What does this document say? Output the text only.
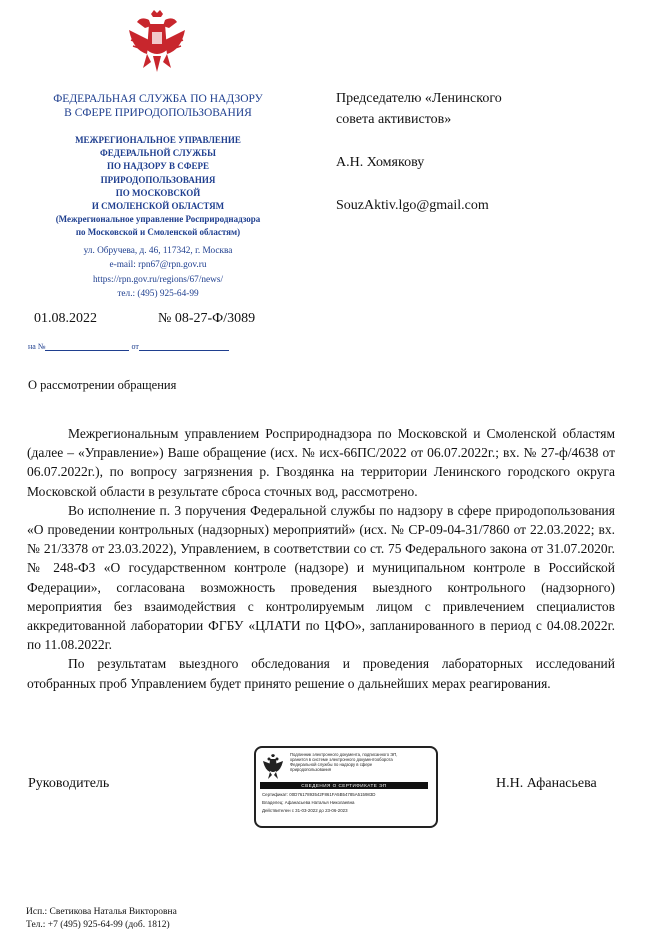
ФЕДЕРАЛЬНАЯ СЛУЖБА ПО НАДЗОРУ
В СФЕРЕ ПРИРОДОПОЛЬЗОВАНИЯ
МЕЖРЕГИОНАЛЬНОЕ УПРАВЛЕНИЕ
ФЕДЕРАЛЬНОЙ СЛУЖБЫ
ПО НАДЗОРУ В СФЕРЕ
ПРИРОДОПОЛЬЗОВАНИЯ
ПО МОСКОВСКОЙ
И СМОЛЕНСКОЙ ОБЛАСТЯМ
(Межрегиональное управление Росприроднадзора
по Московской и Смоленской областям)
ул. Обручева, д. 46, 117342, г. Москва
e-mail: rpn67@rpn.gov.ru
https://rpn.gov.ru/regions/67/news/
тел.: (495) 925-64-99
Председателю «Ленинского
совета активистов»
А.Н. Хомякову
SouzAktiv.lgo@gmail.com
01.08.2022	№ 08-27-Ф/3089
на №	от
О рассмотрении обращения

Межрегиональным управлением Росприроднадзора по Московской и Смоленской областям (далее – «Управление») Ваше обращение (исх. № исх-66ПС/2022 от 06.07.2022г.; вх. № 27-ф/4638 от 06.07.2022г.), по вопросу загрязнения р. Гвоздянка на территории Ленинского городского округа Московской области в результате сброса сточных вод, рассмотрено.

Во исполнение п. 3 поручения Федеральной службы по надзору в сфере природопользования «О проведении контрольных (надзорных) мероприятий» (исх. № СР-09-04-31/7860 от 22.03.2022; вх. № 21/3378 от 23.03.2022), Управлением, в соответствии со ст. 75 Федерального закона от 31.07.2020г. № 248-ФЗ «О государственном контроле (надзоре) и муниципальном контроле в Российской Федерации», согласована возможность проведения выездного контрольного (надзорного) мероприятия без взаимодействия с контролируемым лицом с привлечением специалистов аккредитованной лаборатории ФГБУ «ЦЛАТИ по ЦФО», запланированного в период с 04.08.2022г. по 11.08.2022г.

По результатам выездного обследования и проведения лабораторных исследований отобранных проб Управлением будет принято решение о дальнейших мерах реагирования.

Руководитель
Подлинник электронного документа, подписанного ЭП,
хранится в системе электронного документооборота
Федеральной службы по надзору в сфере
природопользования
СВЕДЕНИЯ О СЕРТИФИКАТЕ ЭП
Сертификат: 00D7617893542F861FA5B54785A515983D
Владелец: Афанасьева Наталья Николаевна
Действителен с 31-03-2022 до 23-06-2023
Н.Н. Афанасьева
Исп.: Светикова Наталья Викторовна
Тел.: +7 (495) 925-64-99 (доб. 1812)
